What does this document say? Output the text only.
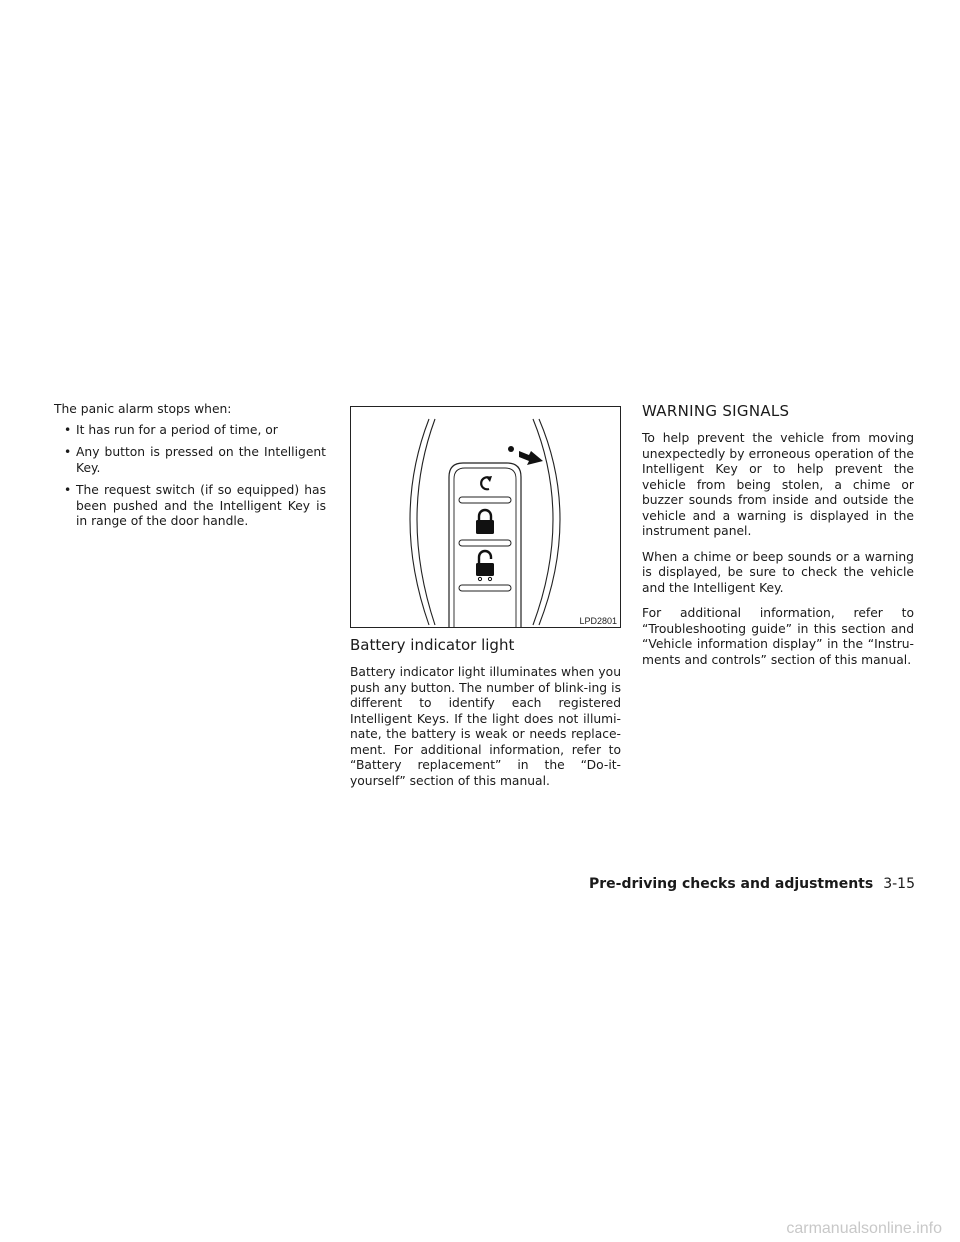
The panic alarm stops when:

• It has run for a period of time, or
• Any button is pressed on the Intelligent Key.
• The request switch (if so equipped) has been pushed and the Intelligent Key is in range of the door handle.
LPD2801
Battery indicator light

Battery indicator light illuminates when you push any button. The number of blink-ing is different to identify each registered Intelligent Keys. If the light does not illumi-nate, the battery is weak or needs replace-ment. For additional information, refer to “Battery replacement” in the “Do-it-yourself” section of this manual.

WARNING SIGNALS

To help prevent the vehicle from moving unexpectedly by erroneous operation of the Intelligent Key or to help prevent the vehicle from being stolen, a chime or buzzer sounds from inside and outside the vehicle and a warning is displayed in the instrument panel.

When a chime or beep sounds or a warning is displayed, be sure to check the vehicle and the Intelligent Key.

For additional information, refer to “Troubleshooting guide” in this section and “Vehicle information display” in the “Instru-ments and controls” section of this manual.

Pre-driving checks and adjustments 3-15
carmanualsonline.info
